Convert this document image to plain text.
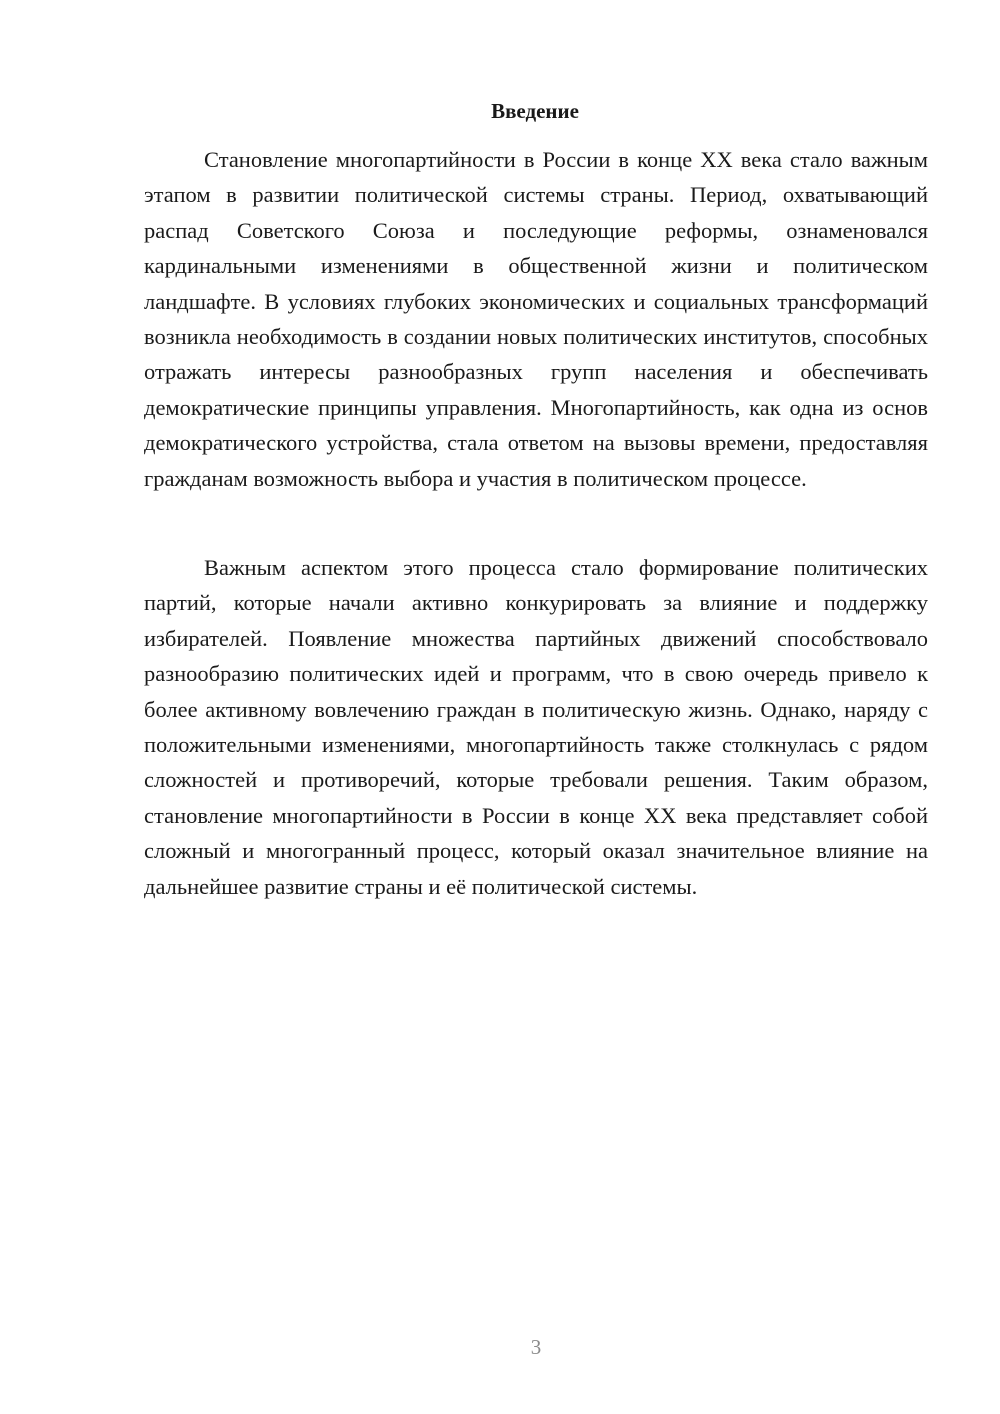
Введение

Становление многопартийности в России в конце XX века стало важным этапом в развитии политической системы страны. Период, охватывающий распад Советского Союза и последующие реформы, ознаменовался кардинальными изменениями в общественной жизни и политическом ландшафте. В условиях глубоких экономических и социальных трансформаций возникла необходимость в создании новых политических институтов, способных отражать интересы разнообразных групп населения и обеспечивать демократические принципы управления. Многопартийность, как одна из основ демократического устройства, стала ответом на вызовы времени, предоставляя гражданам возможность выбора и участия в политическом процессе.

Важным аспектом этого процесса стало формирование политических партий, которые начали активно конкурировать за влияние и поддержку избирателей. Появление множества партийных движений способствовало разнообразию политических идей и программ, что в свою очередь привело к более активному вовлечению граждан в политическую жизнь. Однако, наряду с положительными изменениями, многопартийность также столкнулась с рядом сложностей и противоречий, которые требовали решения. Таким образом, становление многопартийности в России в конце XX века представляет собой сложный и многогранный процесс, который оказал значительное влияние на дальнейшее развитие страны и её политической системы.

3
